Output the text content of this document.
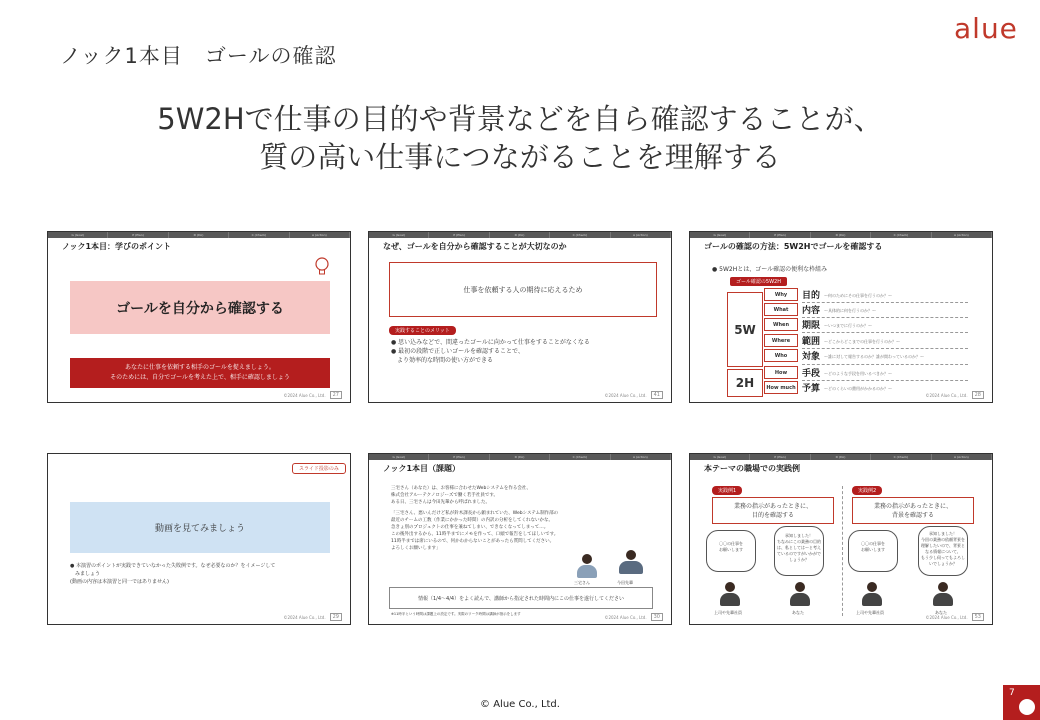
ノック1本目　ゴールの確認
alue
5W2Hで仕事の目的や背景などを自ら確認することが、
質の高い仕事につながることを理解する
G (Goal)	P (Plan)	D (Do)	C (Check)	A (Action)
ノック1本目：学びのポイント
ゴールを自分から確認する
あなたに仕事を依頼する相手のゴールを捉えましょう。
そのためには、自分でゴールを考えた上で、相手に確認しましょう
©2024 Alue Co., Ltd.	27
G (Goal)	P (Plan)	D (Do)	C (Check)	A (Action)
なぜ、ゴールを自分から確認することが大切なのか
仕事を依頼する人の期待に応えるため
実践することのメリット
● 思い込みなどで、間違ったゴールに向かって仕事をすることがなくなる
● 最初の段階で正しいゴールを確認することで、
　より効率的な時間の使い方ができる
©2024 Alue Co., Ltd.	41
G (Goal)	P (Plan)	D (Do)	C (Check)	A (Action)
ゴールの確認の方法：5W2Hでゴールを確認する
● 5W2Hとは、ゴール確認の便利な枠組み
ゴール確認の5W2H
5W
2H
Why	目的 ～何のためにその仕事を行うのか？～
What	内容 ～具体的に何を行うのか？～
When	期限 ～いつまでに行うのか？～
Where	範囲 ～どこからどこまでの仕事を行うのか？～
Who	対象 ～誰に対して報告するのか？誰が関わっているのか？～
How	手段 ～どのような手段を用いるべきか？～
How much 予算 ～どのくらいの費用がかかるのか？～
©2024 Alue Co., Ltd.	28
スライド投影のみ
動画を見てみましょう
● 本演習のポイントが実践できていなかった失敗例です。なぜ必要なのか？をイメージして
　みましょう
(動画の内容は本演習と同一ではありません)
©2024 Alue Co., Ltd.	29
G (Goal)	P (Plan)	D (Do)	C (Check)	A (Action)
ノック1本目（課題）
三宅さん（あなた）は、お客様に合わせたWebシステムを作る会社、
株式会社アルーテクノロジーズで働く若手社員です。
ある日、三宅さんは今田先輩から呼ばれました。
「三宅さん、悪いんだけど私が鈴木課長から頼まれていた、Webシステム制作部の
最近のチームの工数（作業にかかった時間）の内訳の分析をしてくれないかな。
急きょ別のプロジェクトの仕事を兼ねてしまい、できなくなってしまって…。
この後外出するから、11時半までにメモを作って、口頭で報告をしてほしいです。
11時半までは席にいるので、何かわからないことがあったら質問してください。
よろしくお願いします」
三宅さん	今田先輩
情報（1/4～4/4）をよく読んで、講師から指定された時間内にこの仕事を遂行してください
※11時半という時間は課題上の設定です。実際のワーク時間は講師が指示をします
©2024 Alue Co., Ltd.	30
G (Goal)	P (Plan)	D (Do)	C (Check)	A (Action)
本テーマの職場での実践例
実践例1
業務の指示があったときに、
目的を確認する
〇〇の仕事を
お願いします
承知しました！
ちなみにこの業務の目的
は、私としては～と考え
ているのですがいかがで
しょうか？
上司や先輩社員	あなた
実践例2
業務の指示があったときに、
背景を確認する
〇〇の仕事を
お願いします
承知しました！
今回の業務の依頼背景を
理解したいので、背景と
なる情報について、
もう少し伺ってもよろし
いでしょうか？
上司や先輩社員	あなた
©2024 Alue Co., Ltd.	53
© Alue Co., Ltd.
7
